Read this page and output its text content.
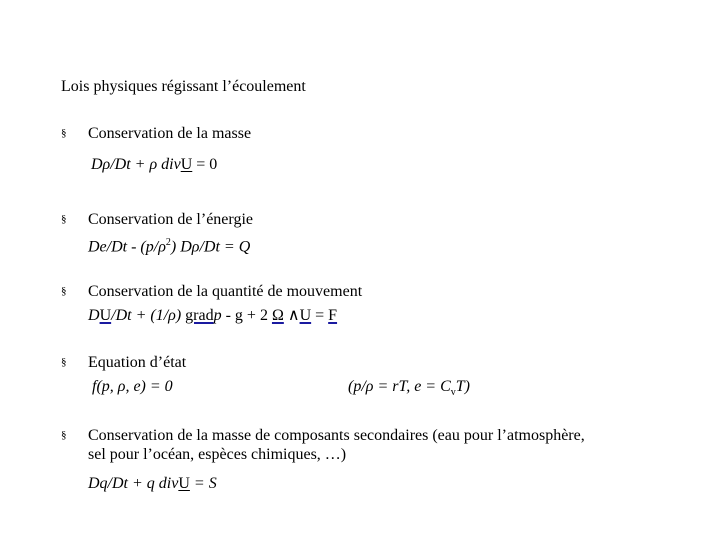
Lois physiques régissant l’écoulement
§ Conservation de la masse
Dρ/Dt + ρ divU = 0
§ Conservation de l’énergie
$De/Dt - (p/\rho^2) D\rho/Dt = Q$
§ Conservation de la quantité de mouvement
DU/Dt + (1/ρ) gradp - g + 2 Ω ∧U = F
§ Equation d’état
f(p, ρ, e) = 0	(p/ρ = rT, $e = C_vT$)
§ Conservation de la masse de composants secondaires (eau pour l’atmosphère,
sel pour l’océan, espèces chimiques, …)
Dq/Dt + q divU = S
